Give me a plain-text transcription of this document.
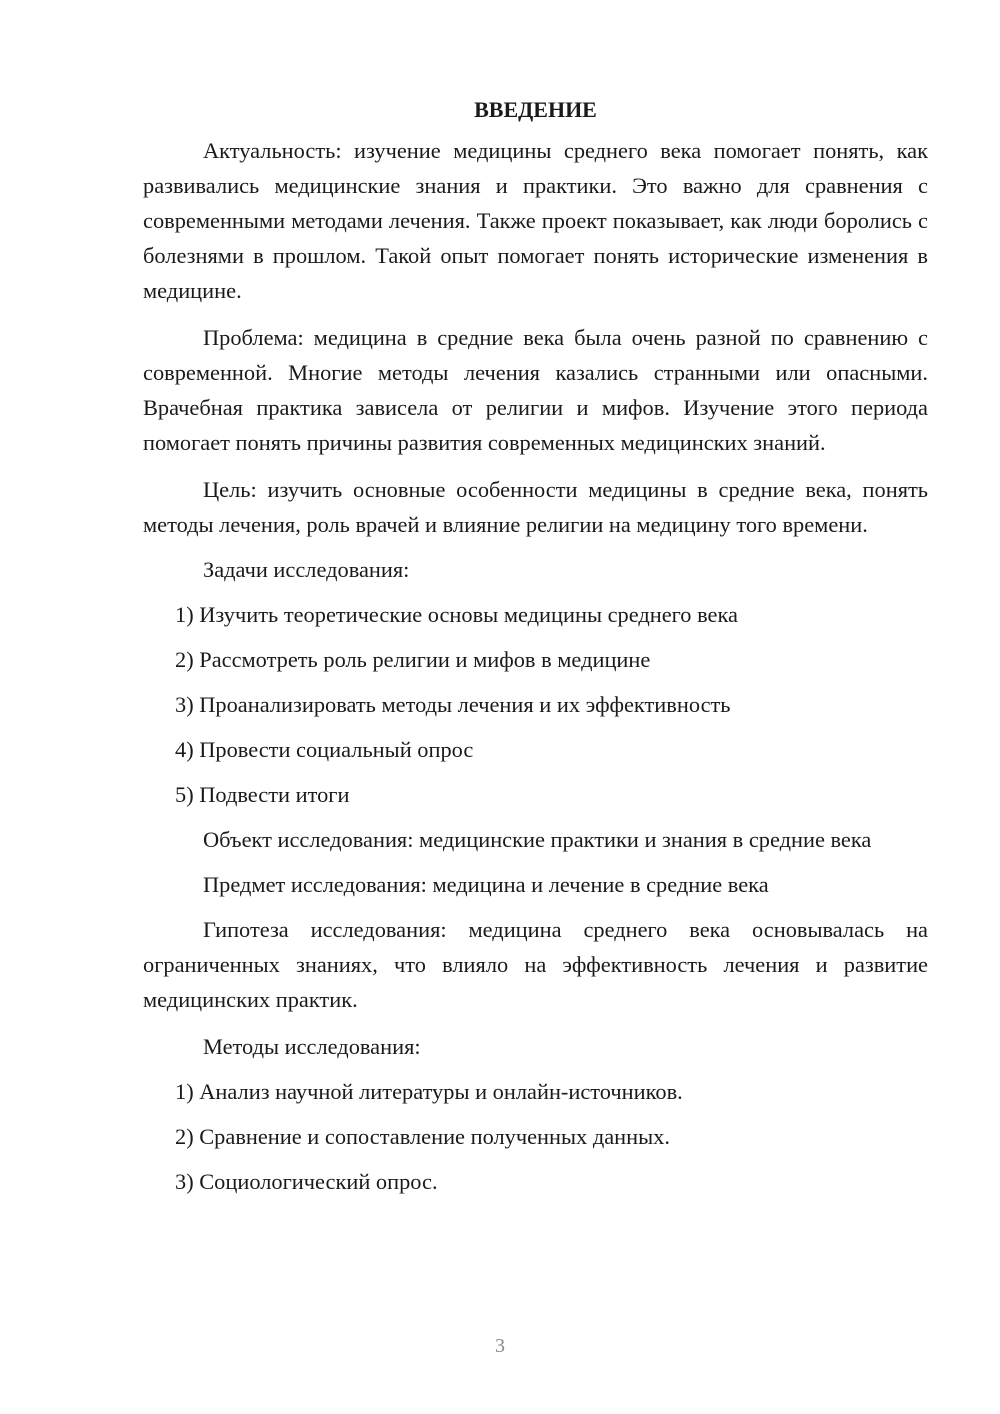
ВВЕДЕНИЕ

Актуальность: изучение медицины среднего века помогает понять, как развивались медицинские знания и практики. Это важно для сравнения с современными методами лечения. Также проект показывает, как люди боролись с болезнями в прошлом. Такой опыт помогает понять исторические изменения в медицине.

Проблема: медицина в средние века была очень разной по сравнению с современной. Многие методы лечения казались странными или опасными. Врачебная практика зависела от религии и мифов. Изучение этого периода помогает понять причины развития современных медицинских знаний.

Цель: изучить основные особенности медицины в средние века, понять методы лечения, роль врачей и влияние религии на медицину того времени.

Задачи исследования:

1) Изучить теоретические основы медицины среднего века

2) Рассмотреть роль религии и мифов в медицине

3) Проанализировать методы лечения и их эффективность

4) Провести социальный опрос

5) Подвести итоги

Объект исследования: медицинские практики и знания в средние века

Предмет исследования: медицина и лечение в средние века

Гипотеза исследования: медицина среднего века основывалась на ограниченных знаниях, что влияло на эффективность лечения и развитие медицинских практик.

Методы исследования:

1) Анализ научной литературы и онлайн-источников.

2) Сравнение и сопоставление полученных данных.

3) Социологический опрос.

3
